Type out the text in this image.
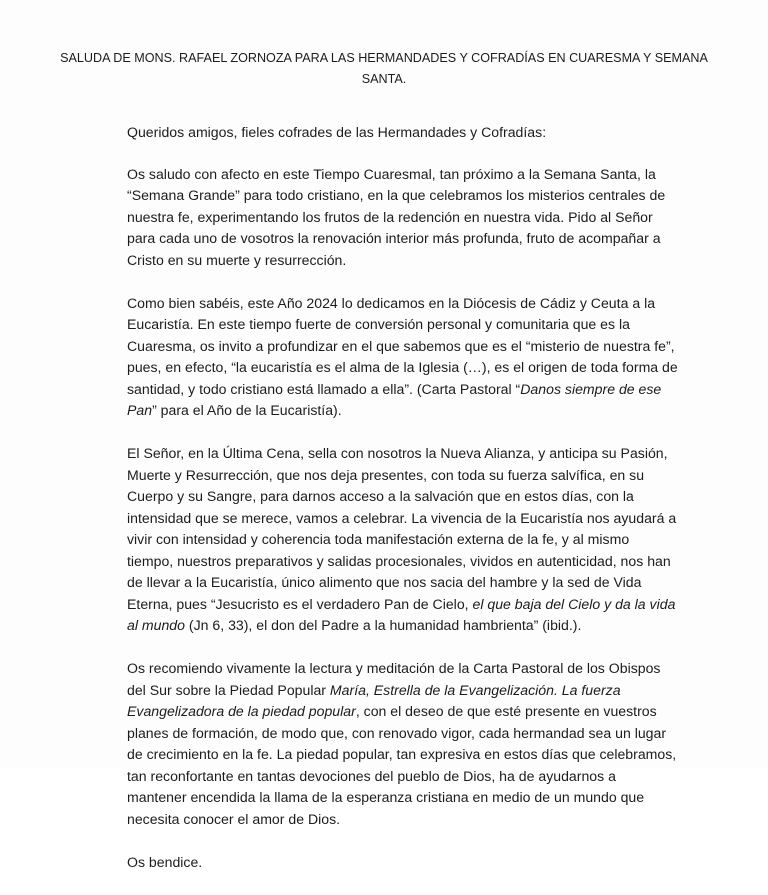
SALUDA DE MONS. RAFAEL ZORNOZA PARA LAS HERMANDADES Y COFRADÍAS EN CUARESMA Y SEMANA SANTA.

Queridos amigos, fieles cofrades de las Hermandades y Cofradías:

Os saludo con afecto en este Tiempo Cuaresmal, tan próximo a la Semana Santa, la “Semana Grande” para todo cristiano, en la que celebramos los misterios centrales de nuestra fe, experimentando los frutos de la redención en nuestra vida. Pido al Señor para cada uno de vosotros la renovación interior más profunda, fruto de acompañar a Cristo en su muerte y resurrección.

Como bien sabéis, este Año 2024 lo dedicamos en la Diócesis de Cádiz y Ceuta a la Eucaristía. En este tiempo fuerte de conversión personal y comunitaria que es la Cuaresma, os invito a profundizar en el que sabemos que es el “misterio de nuestra fe”, pues, en efecto, “la eucaristía es el alma de la Iglesia (…), es el origen de toda forma de santidad, y todo cristiano está llamado a ella”. (Carta Pastoral “Danos siempre de ese Pan” para el Año de la Eucaristía).

El Señor, en la Última Cena, sella con nosotros la Nueva Alianza, y anticipa su Pasión, Muerte y Resurrección, que nos deja presentes, con toda su fuerza salvífica, en su Cuerpo y su Sangre, para darnos acceso a la salvación que en estos días, con la intensidad que se merece, vamos a celebrar. La vivencia de la Eucaristía nos ayudará a vivir con intensidad y coherencia toda manifestación externa de la fe, y al mismo tiempo, nuestros preparativos y salidas procesionales, vividos en autenticidad, nos han de llevar a la Eucaristía, único alimento que nos sacia del hambre y la sed de Vida Eterna, pues “Jesucristo es el verdadero Pan de Cielo, el que baja del Cielo y da la vida al mundo (Jn 6, 33), el don del Padre a la humanidad hambrienta” (ibid.).

Os recomiendo vivamente la lectura y meditación de la Carta Pastoral de los Obispos del Sur sobre la Piedad Popular María, Estrella de la Evangelización. La fuerza Evangelizadora de la piedad popular, con el deseo de que esté presente en vuestros planes de formación, de modo que, con renovado vigor, cada hermandad sea un lugar de crecimiento en la fe. La piedad popular, tan expresiva en estos días que celebramos, tan reconfortante en tantas devociones del pueblo de Dios, ha de ayudarnos a mantener encendida la llama de la esperanza cristiana en medio de un mundo que necesita conocer el amor de Dios.

Os bendice.
